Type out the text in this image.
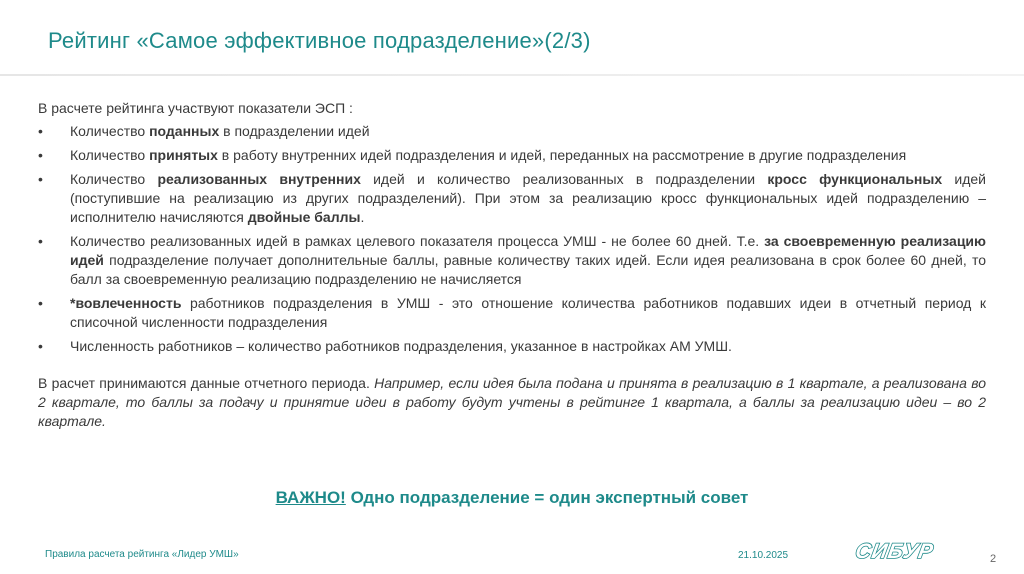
Рейтинг «Самое эффективное подразделение»(2/3)
В расчете рейтинга участвуют показатели ЭСП :
• Количество поданных в подразделении идей
• Количество принятых в работу внутренних идей подразделения и идей, переданных на рассмотрение в другие подразделения
• Количество реализованных внутренних идей и количество реализованных в подразделении кросс функциональных идей (поступившие на реализацию из других подразделений). При этом за реализацию кросс функциональных идей подразделению – исполнителю начисляются двойные баллы.
• Количество реализованных идей в рамках целевого показателя процесса УМШ - не более 60 дней. Т.е. за своевременную реализацию идей подразделение получает дополнительные баллы, равные количеству таких идей. Если идея реализована в срок более 60 дней, то балл за своевременную реализацию подразделению не начисляется
• *вовлеченность работников подразделения в УМШ - это отношение количества работников подавших идеи в отчетный период к списочной численности подразделения
• Численность работников – количество работников подразделения, указанное в настройках АМ УМШ.
В расчет принимаются данные отчетного периода. Например, если идея была подана и принята в реализацию в 1 квартале, а реализована во 2 квартале, то баллы за подачу и принятие идеи в работу будут учтены в рейтинге 1 квартала, а баллы за реализацию идеи – во 2 квартале.
ВАЖНО! Одно подразделение = один экспертный совет
Правила расчета рейтинга «Лидер УМШ»	21.10.2025	СИБУР	2
